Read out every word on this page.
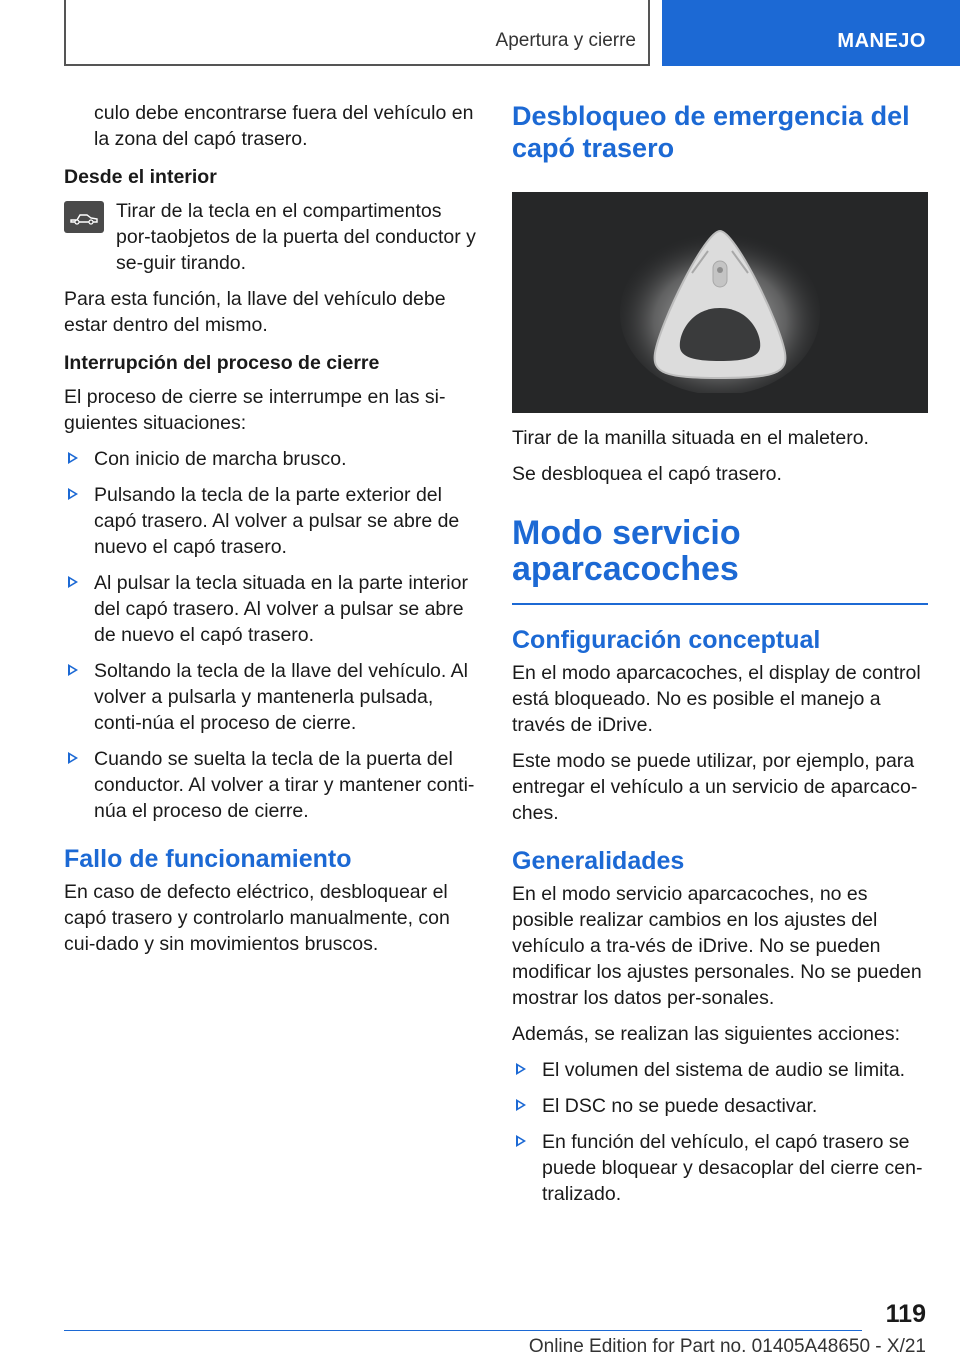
Apertura y cierre	MANEJO

culo debe encontrarse fuera del vehículo en la zona del capó trasero.

Desde el interior

Tirar de la tecla en el compartimentos por-taobjetos de la puerta del conductor y se-guir tirando.

Para esta función, la llave del vehículo debe estar dentro del mismo.

Interrupción del proceso de cierre

El proceso de cierre se interrumpe en las si-guientes situaciones:

Con inicio de marcha brusco.
Pulsando la tecla de la parte exterior del capó trasero. Al volver a pulsar se abre de nuevo el capó trasero.
Al pulsar la tecla situada en la parte interior del capó trasero. Al volver a pulsar se abre de nuevo el capó trasero.
Soltando la tecla de la llave del vehículo. Al volver a pulsarla y mantenerla pulsada, conti-núa el proceso de cierre.
Cuando se suelta la tecla de la puerta del conductor. Al volver a tirar y mantener conti-núa el proceso de cierre.
Fallo de funcionamiento

En caso de defecto eléctrico, desbloquear el capó trasero y controlarlo manualmente, con cui-dado y sin movimientos bruscos.

Desbloqueo de emergencia del capó trasero

Tirar de la manilla situada en el maletero.

Se desbloquea el capó trasero.

Modo servicio aparcacoches
Configuración conceptual

En el modo aparcacoches, el display de control está bloqueado. No es posible el manejo a través de iDrive.

Este modo se puede utilizar, por ejemplo, para entregar el vehículo a un servicio de aparcaco-ches.

Generalidades

En el modo servicio aparcacoches, no es posible realizar cambios en los ajustes del vehículo a tra-vés de iDrive. No se pueden modificar los ajustes personales. No se pueden mostrar los datos per-sonales.

Además, se realizan las siguientes acciones:

El volumen del sistema de audio se limita.
El DSC no se puede desactivar.
En función del vehículo, el capó trasero se puede bloquear y desacoplar del cierre cen-tralizado.
119
Online Edition for Part no. 01405A48650 - X/21
